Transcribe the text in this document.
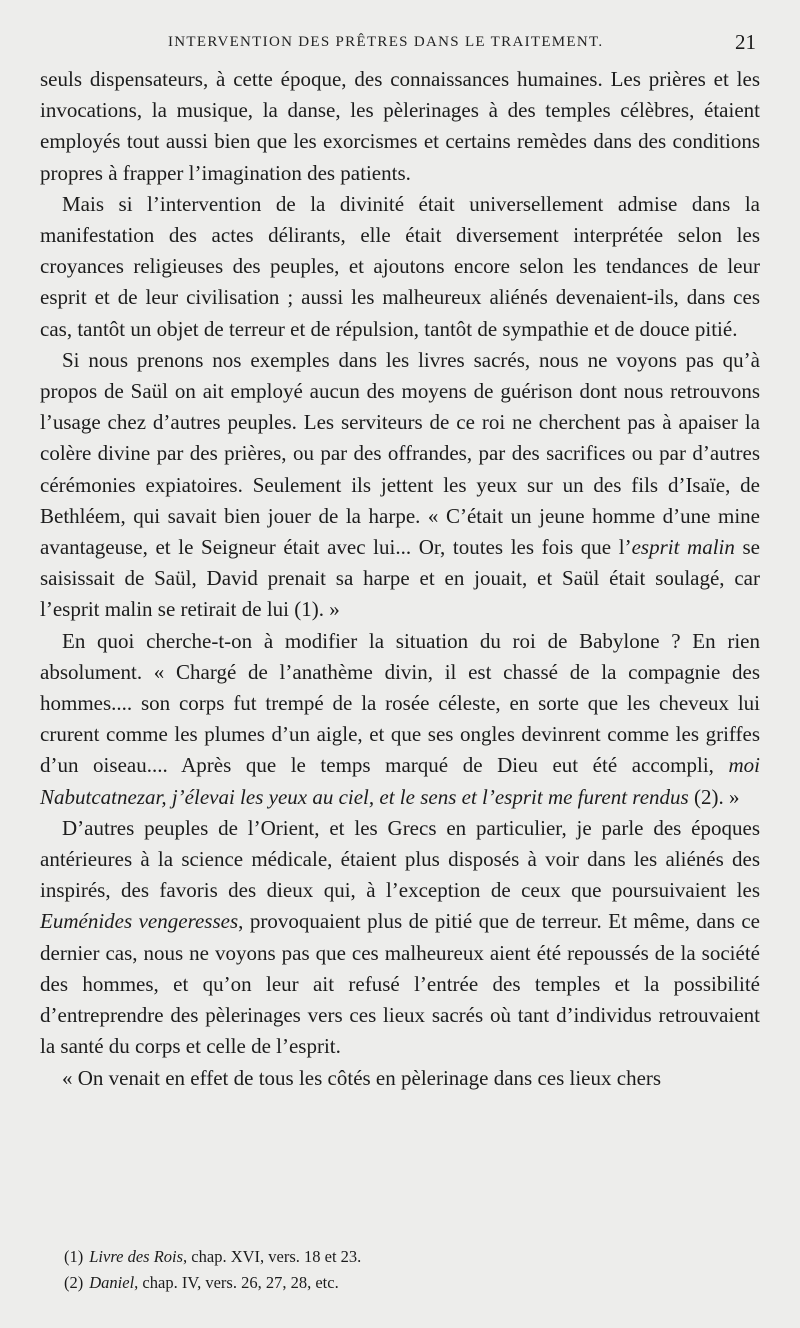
INTERVENTION DES PRÊTRES DANS LE TRAITEMENT.	21

seuls dispensateurs, à cette époque, des connaissances humaines. Les prières et les invocations, la musique, la danse, les pèlerinages à des temples célèbres, étaient employés tout aussi bien que les exorcismes et certains remèdes dans des conditions propres à frapper l’imagination des patients.

Mais si l’intervention de la divinité était universellement admise dans la manifestation des actes délirants, elle était diversement interprétée selon les croyances religieuses des peuples, et ajoutons encore selon les tendances de leur esprit et de leur civilisation ; aussi les malheureux aliénés devenaient-ils, dans ces cas, tantôt un objet de terreur et de répulsion, tantôt de sympathie et de douce pitié.

Si nous prenons nos exemples dans les livres sacrés, nous ne voyons pas qu’à propos de Saül on ait employé aucun des moyens de guérison dont nous retrouvons l’usage chez d’autres peuples. Les serviteurs de ce roi ne cherchent pas à apaiser la colère divine par des prières, ou par des offrandes, par des sacrifices ou par d’autres cérémonies expiatoires. Seulement ils jettent les yeux sur un des fils d’Isaïe, de Bethléem, qui savait bien jouer de la harpe. « C’était un jeune homme d’une mine avantageuse, et le Seigneur était avec lui... Or, toutes les fois que l’esprit malin se saisissait de Saül, David prenait sa harpe et en jouait, et Saül était soulagé, car l’esprit malin se retirait de lui (1). »

En quoi cherche-t-on à modifier la situation du roi de Babylone ? En rien absolument. « Chargé de l’anathème divin, il est chassé de la compagnie des hommes.... son corps fut trempé de la rosée céleste, en sorte que les cheveux lui crurent comme les plumes d’un aigle, et que ses ongles devinrent comme les griffes d’un oiseau.... Après que le temps marqué de Dieu eut été accompli, moi Nabutcatnezar, j’élevai les yeux au ciel, et le sens et l’esprit me furent rendus (2). »

D’autres peuples de l’Orient, et les Grecs en particulier, je parle des époques antérieures à la science médicale, étaient plus disposés à voir dans les aliénés des inspirés, des favoris des dieux qui, à l’exception de ceux que poursuivaient les Euménides vengeresses, provoquaient plus de pitié que de terreur. Et même, dans ce dernier cas, nous ne voyons pas que ces malheureux aient été repoussés de la société des hommes, et qu’on leur ait refusé l’entrée des temples et la possibilité d’entreprendre des pèlerinages vers ces lieux sacrés où tant d’individus retrouvaient la santé du corps et celle de l’esprit.

« On venait en effet de tous les côtés en pèlerinage dans ces lieux chers

(1) Livre des Rois, chap. XVI, vers. 18 et 23.

(2) Daniel, chap. IV, vers. 26, 27, 28, etc.
